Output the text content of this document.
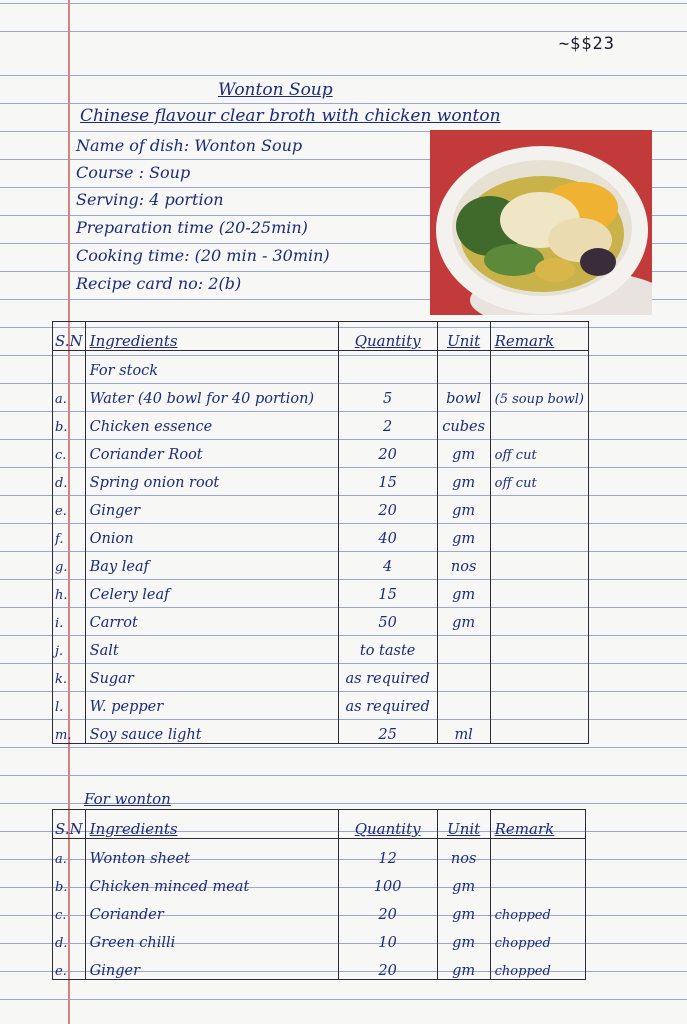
~$$23
Wonton Soup
Chinese flavour clear broth with chicken wonton
Name of dish: Wonton Soup
Course : Soup
Serving: 4 portion
Preparation time (20-25min)
Cooking time: (20 min - 30min)
Recipe card no: 2(b)
S.N	Ingredients	Quantity	Unit	Remark
	For stock			
a.	Water (40 bowl for 40 portion)	5	bowl	(5 soup bowl)
b.	Chicken essence	2	cubes	
c.	Coriander Root	20	gm	off cut
d.	Spring onion root	15	gm	off cut
e.	Ginger	20	gm	
f.	Onion	40	gm	
g.	Bay leaf	4	nos	
h.	Celery leaf	15	gm	
i.	Carrot	50	gm	
j.	Salt	to taste		
k.	Sugar	as required		
l.	W. pepper	as required		
m.	Soy sauce light	25	ml	
For wonton
S.N	Ingredients	Quantity	Unit	Remark
a.	Wonton sheet	12	nos	
b.	Chicken minced meat	100	gm	
c.	Coriander	20	gm	chopped
d.	Green chilli	10	gm	chopped
e.	Ginger	20	gm	chopped
